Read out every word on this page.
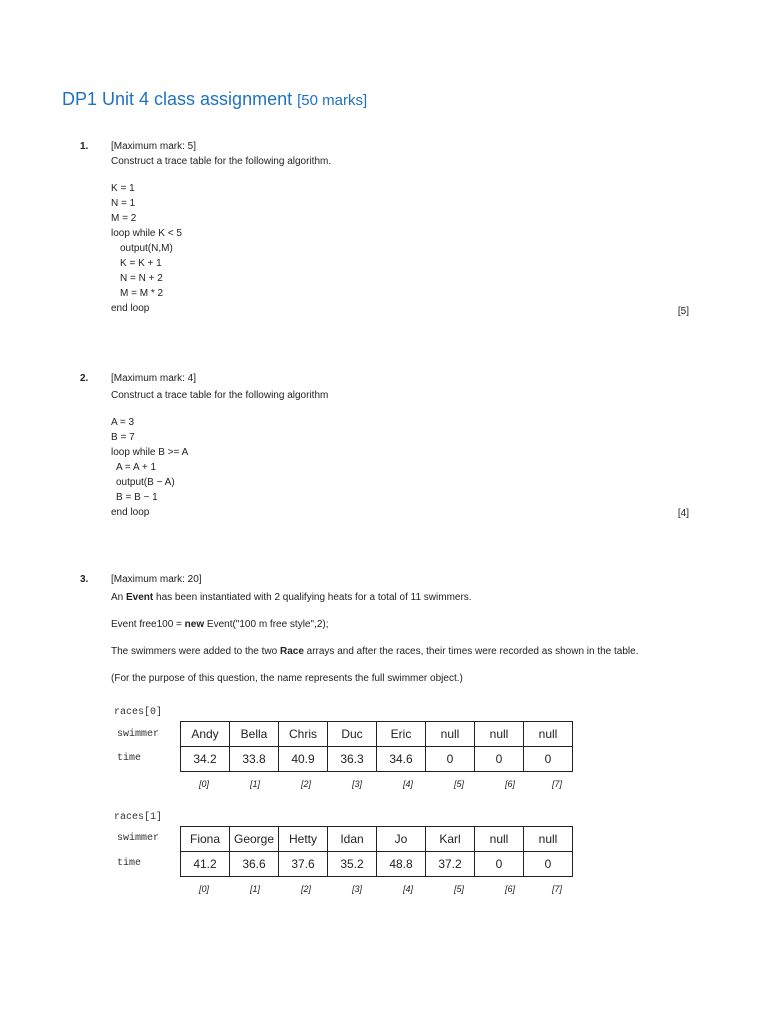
DP1 Unit 4 class assignment [50 marks]
1. [Maximum mark: 5]

Construct a trace table for the following algorithm.

K = 1
N = 1
M = 2
loop while K < 5
output(N,M)
K = K + 1
N = N + 2
M = M * 2
end loop	[5]
2. [Maximum mark: 4]

Construct a trace table for the following algorithm

A = 3
B = 7
loop while B >= A
A = A + 1
output(B − A)
B = B − 1
end loop	[4]
3. [Maximum mark: 20]

An Event has been instantiated with 2 qualifying heats for a total of 11 swimmers.

Event free100 = new Event("100 m free style",2);

The swimmers were added to the two Race arrays and after the races, their times were recorded as shown in the table.

(For the purpose of this question, the name represents the full swimmer object.)

races[0]
swimmer
time
Andy	Bella	Chris	Duc	Eric	null	null	null
34.2	33.8	40.9	36.3	34.6	0	0	0
[0]	[1]	[2]	[3]	[4]	[5]	[6]	[7]
races[1]
swimmer
time
Fiona	George	Hetty	Idan	Jo	Karl	null	null
41.2	36.6	37.6	35.2	48.8	37.2	0	0
[0]	[1]	[2]	[3]	[4]	[5]	[6]	[7]
